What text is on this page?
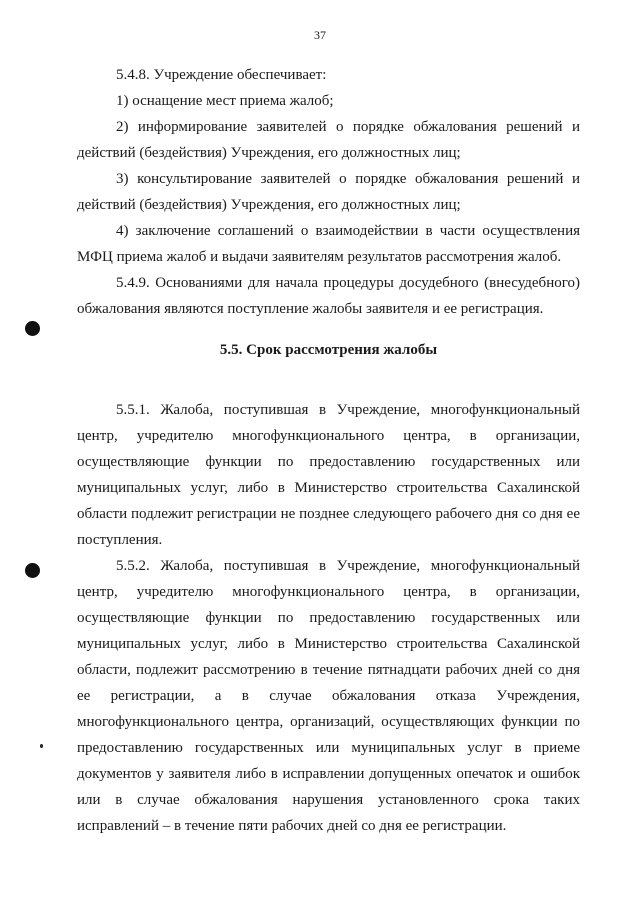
37

5.4.8. Учреждение обеспечивает:

1) оснащение мест приема жалоб;

2) информирование заявителей о порядке обжалования решений и действий (бездействия) Учреждения, его должностных лиц;

3) консультирование заявителей о порядке обжалования решений и действий (бездействия) Учреждения, его должностных лиц;

4) заключение соглашений о взаимодействии в части осуществления МФЦ приема жалоб и выдачи заявителям результатов рассмотрения жалоб.

5.4.9. Основаниями для начала процедуры досудебного (внесудебного) обжалования являются поступление жалобы заявителя и ее регистрация.

5.5. Срок рассмотрения жалобы

5.5.1. Жалоба, поступившая в Учреждение, многофункциональный центр, учредителю многофункционального центра, в организации, осуществляющие функции по предоставлению государственных или муниципальных услуг, либо в Министерство строительства Сахалинской области подлежит регистрации не позднее следующего рабочего дня со дня ее поступления.

5.5.2. Жалоба, поступившая в Учреждение, многофункциональный центр, учредителю многофункционального центра, в организации, осуществляющие функции по предоставлению государственных или муниципальных услуг, либо в Министерство строительства Сахалинской области, подлежит рассмотрению в течение пятнадцати рабочих дней со дня ее регистрации, а в случае обжалования отказа Учреждения, многофункционального центра, организаций, осуществляющих функции по предоставлению государственных или муниципальных услуг в приеме документов у заявителя либо в исправлении допущенных опечаток и ошибок или в случае обжалования нарушения установленного срока таких исправлений – в течение пяти рабочих дней со дня ее регистрации.
